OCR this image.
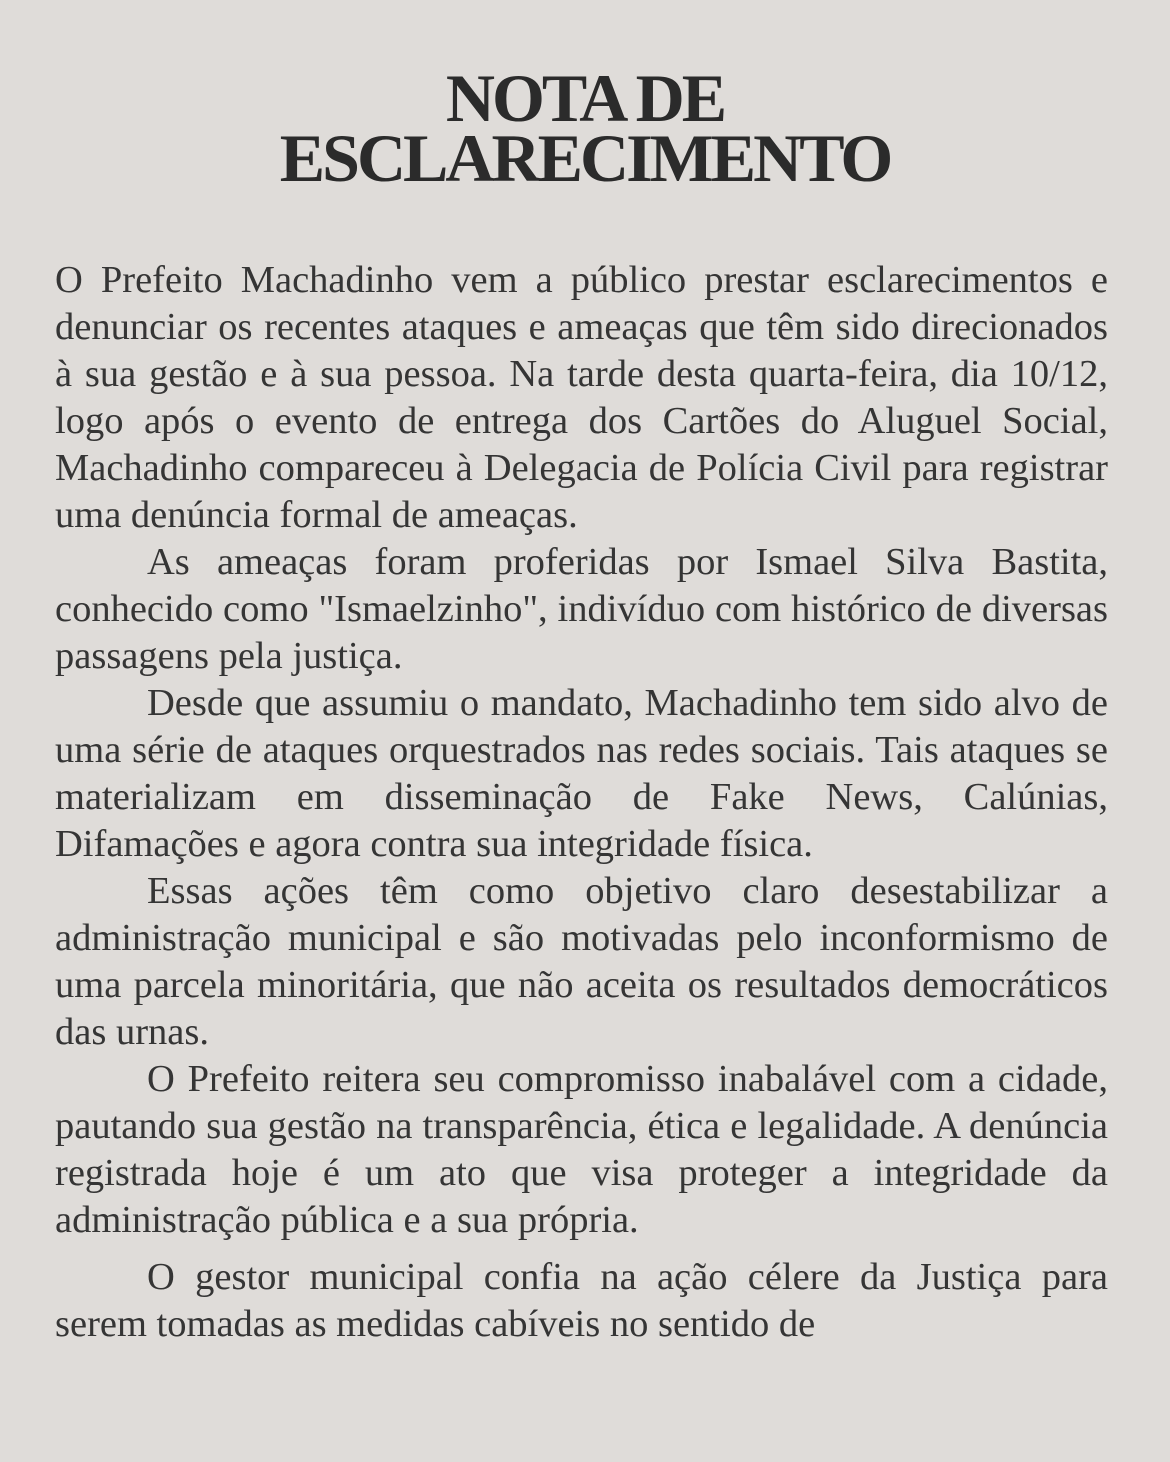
NOTA DE
ESCLARECIMENTO

O Prefeito Machadinho vem a público prestar esclarecimentos e denunciar os recentes ataques e ameaças que têm sido direcionados à sua gestão e à sua pessoa. Na tarde desta quarta-feira, dia 10/12, logo após o evento de entrega dos Cartões do Aluguel Social, Machadinho compareceu à Delegacia de Polícia Civil para registrar uma denúncia formal de ameaças.

As ameaças foram proferidas por Ismael Silva Bastita, conhecido como "Ismaelzinho", indivíduo com histórico de diversas passagens pela justiça.

Desde que assumiu o mandato, Machadinho tem sido alvo de uma série de ataques orquestrados nas redes sociais. Tais ataques se materializam em disseminação de Fake News, Calúnias, Difamações e agora contra sua integridade física.

Essas ações têm como objetivo claro desestabilizar a administração municipal e são motivadas pelo inconformismo de uma parcela minoritária, que não aceita os resultados democráticos das urnas.

O Prefeito reitera seu compromisso inabalável com a cidade, pautando sua gestão na transparência, ética e legalidade. A denúncia registrada hoje é um ato que visa proteger a integridade da administração pública e a sua própria.

O gestor municipal confia na ação célere da Justiça para serem tomadas as medidas cabíveis no sentido de
